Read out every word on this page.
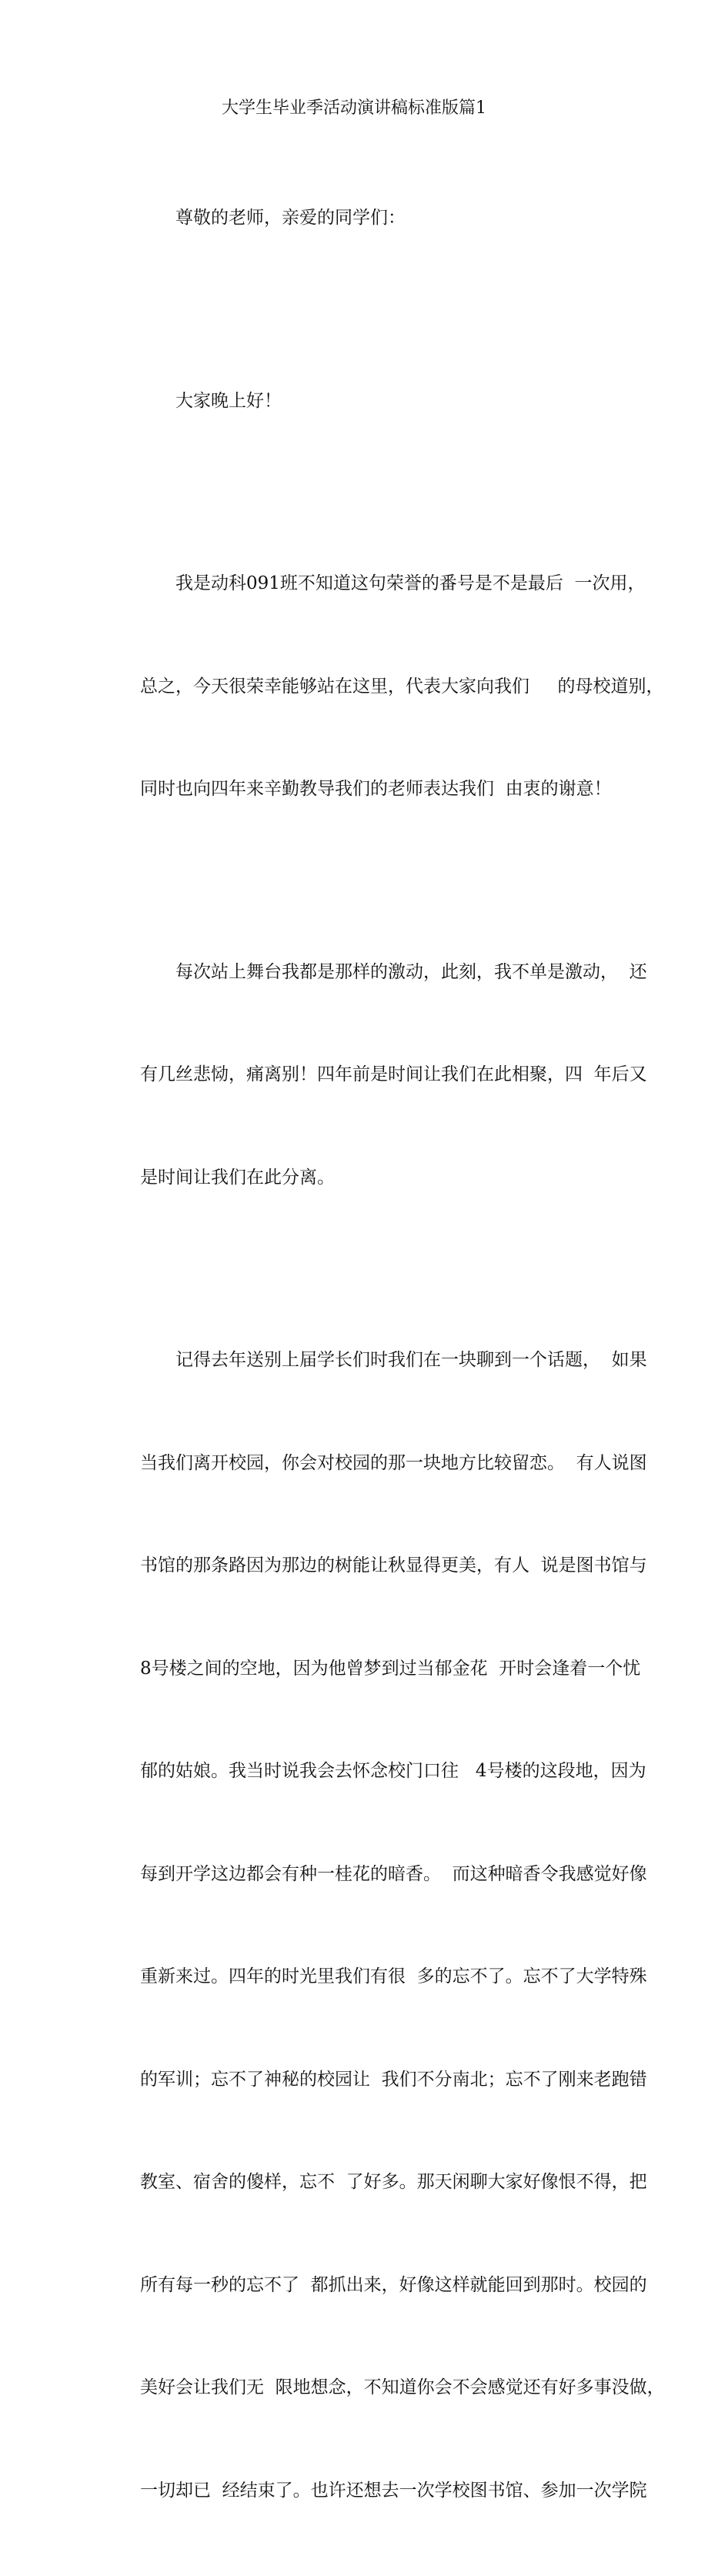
大学生毕业季活动演讲稿标准版篇1

尊敬的老师，亲爱的同学们：

大家晚上好！

我是动科091班不知道这句荣誉的番号是不是最后  一次用，

总之，今天很荣幸能够站在这里，代表大家向我们     的母校道别，

同时也向四年来辛勤教导我们的老师表达我们  由衷的谢意！

每次站上舞台我都是那样的激动，此刻，我不单是激动，  还

有几丝悲恸，痛离别！四年前是时间让我们在此相聚，四  年后又

是时间让我们在此分离。

记得去年送别上届学长们时我们在一块聊到一个话题，  如果

当我们离开校园，你会对校园的那一块地方比较留恋。  有人说图

书馆的那条路因为那边的树能让秋显得更美，有人  说是图书馆与

8号楼之间的空地，因为他曾梦到过当郁金花  开时会逢着一个忧

郁的姑娘。我当时说我会去怀念校门口往   4号楼的这段地，因为

每到开学这边都会有种一桂花的暗香。  而这种暗香令我感觉好像

重新来过。四年的时光里我们有很  多的忘不了。忘不了大学特殊

的军训；忘不了神秘的校园让  我们不分南北；忘不了刚来老跑错

教室、宿舍的傻样，忘不  了好多。那天闲聊大家好像恨不得，把

所有每一秒的忘不了  都抓出来，好像这样就能回到那时。校园的

美好会让我们无  限地想念，不知道你会不会感觉还有好多事没做，

一切却已  经结束了。也许还想去一次学校图书馆、参加一次学院
